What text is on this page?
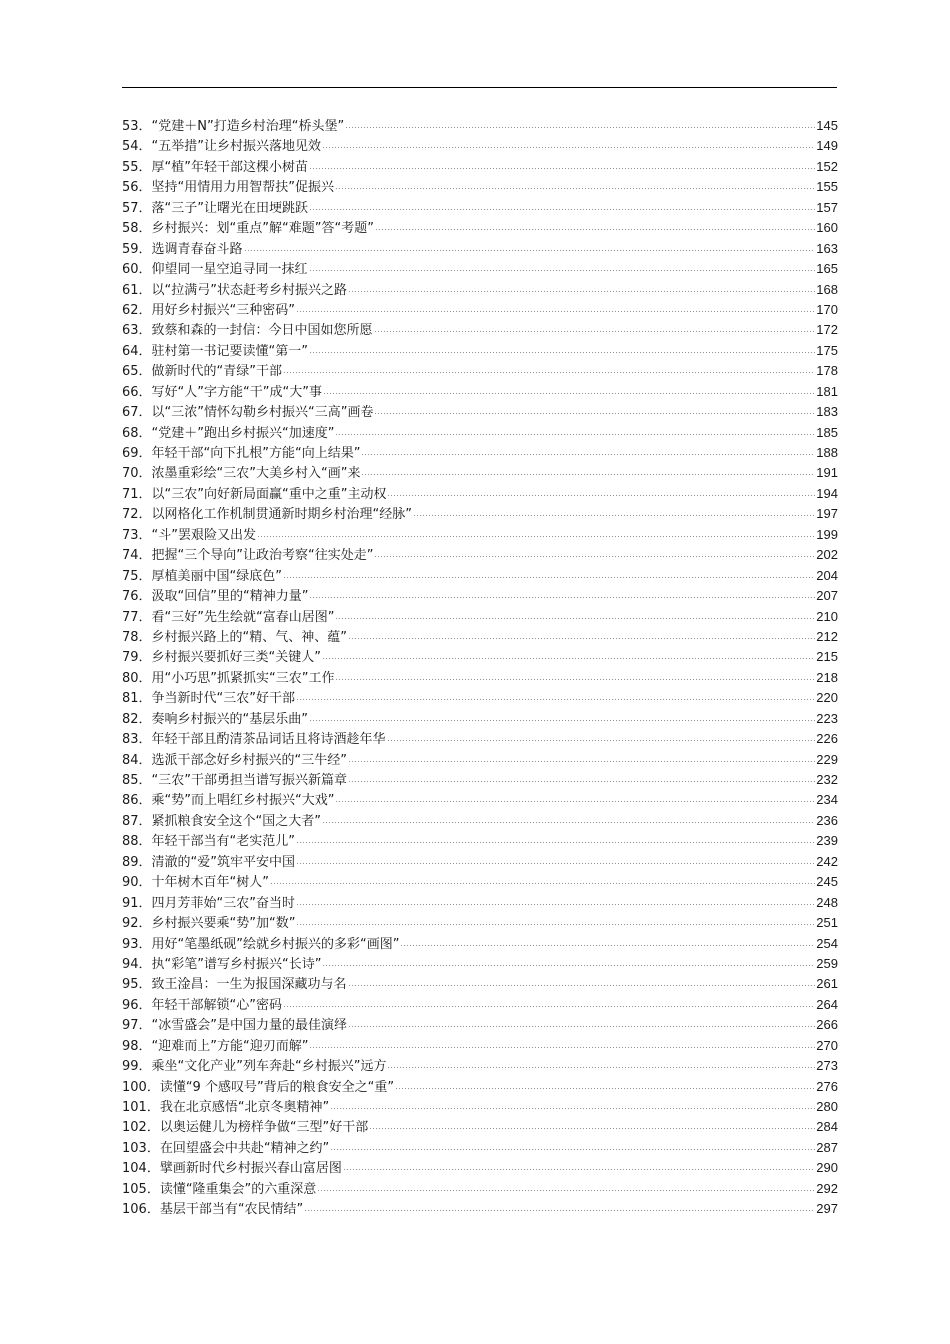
53．“党建＋N”打造乡村治理“桥头堡”	145
54．“五举措”让乡村振兴落地见效	149
55．厚“植”年轻干部这棵小树苗	152
56．坚持“用情用力用智帮扶”促振兴	155
57．落“三子”让曙光在田埂跳跃	157
58．乡村振兴：划“重点”解“难题”答“考题”	160
59．选调青春奋斗路	163
60．仰望同一星空追寻同一抹红	165
61．以“拉满弓”状态赶考乡村振兴之路	168
62．用好乡村振兴“三种密码”	170
63．致蔡和森的一封信：今日中国如您所愿	172
64．驻村第一书记要读懂“第一”	175
65．做新时代的“青绿”干部	178
66．写好“人”字方能“干”成“大”事	181
67．以“三浓”情怀勾勒乡村振兴“三高”画卷	183
68．“党建＋”跑出乡村振兴“加速度”	185
69．年轻干部“向下扎根”方能“向上结果”	188
70．浓墨重彩绘“三农”大美乡村入“画”来	191
71．以“三农”向好新局面赢“重中之重”主动权	194
72．以网格化工作机制贯通新时期乡村治理“经脉”	197
73．“斗”罢艰险又出发	199
74．把握“三个导向”让政治考察“往实处走”	202
75．厚植美丽中国“绿底色”	204
76．汲取“回信”里的“精神力量”	207
77．看“三好”先生绘就“富春山居图”	210
78．乡村振兴路上的“精、气、神、蕴”	212
79．乡村振兴要抓好三类“关键人”	215
80．用“小巧思”抓紧抓实“三农”工作	218
81．争当新时代“三农”好干部	220
82．奏响乡村振兴的“基层乐曲”	223
83．年轻干部且酌清茶品词话且将诗酒趁年华	226
84．选派干部念好乡村振兴的“三牛经”	229
85．“三农”干部勇担当谱写振兴新篇章	232
86．乘“势”而上唱红乡村振兴“大戏”	234
87．紧抓粮食安全这个“国之大者”	236
88．年轻干部当有“老实范儿”	239
89．清澈的“爱”筑牢平安中国	242
90．十年树木百年“树人”	245
91．四月芳菲始“三农”奋当时	248
92．乡村振兴要乘“势”加“数”	251
93．用好“笔墨纸砚”绘就乡村振兴的多彩“画图”	254
94．执“彩笔”谱写乡村振兴“长诗”	259
95．致王淦昌：一生为报国深藏功与名	261
96．年轻干部解锁“心”密码	264
97．“冰雪盛会”是中国力量的最佳演绎	266
98．“迎难而上”方能“迎刃而解”	270
99．乘坐“文化产业”列车奔赴“乡村振兴”远方	273
100．读懂“9 个感叹号”背后的粮食安全之“重”	276
101．我在北京感悟“北京冬奥精神”	280
102．以奥运健儿为榜样争做“三型”好干部	284
103．在回望盛会中共赴“精神之约”	287
104．擘画新时代乡村振兴春山富居图	290
105．读懂“隆重集会”的六重深意	292
106．基层干部当有“农民情结”	297
